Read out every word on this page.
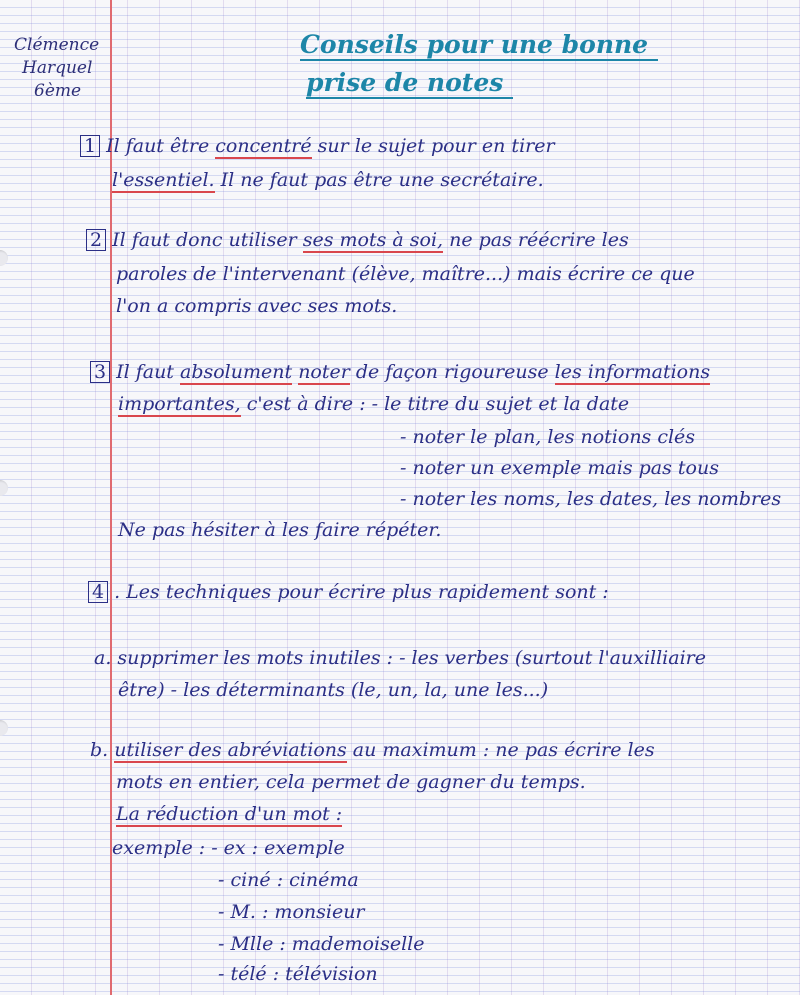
Clémence
Harquel
6ème
Conseils pour une bonne
prise de notes
1 Il faut être concentré sur le sujet pour en tirer
l'essentiel. Il ne faut pas être une secrétaire.
2 Il faut donc utiliser ses mots à soi, ne pas réécrire les
paroles de l'intervenant (élève, maître...) mais écrire ce que
l'on a compris avec ses mots.
3 Il faut absolument noter de façon rigoureuse les informations
importantes, c'est à dire : - le titre du sujet et la date
- noter le plan, les notions clés
- noter un exemple mais pas tous
- noter les noms, les dates, les nombres
Ne pas hésiter à les faire répéter.
4 . Les techniques pour écrire plus rapidement sont :
a. supprimer les mots inutiles : - les verbes (surtout l'auxilliaire
être) - les déterminants (le, un, la, une les...)
b. utiliser des abréviations au maximum : ne pas écrire les
mots en entier, cela permet de gagner du temps.
La réduction d'un mot :
exemple : - ex : exemple
- ciné : cinéma
- M. : monsieur
- Mlle : mademoiselle
- télé : télévision
